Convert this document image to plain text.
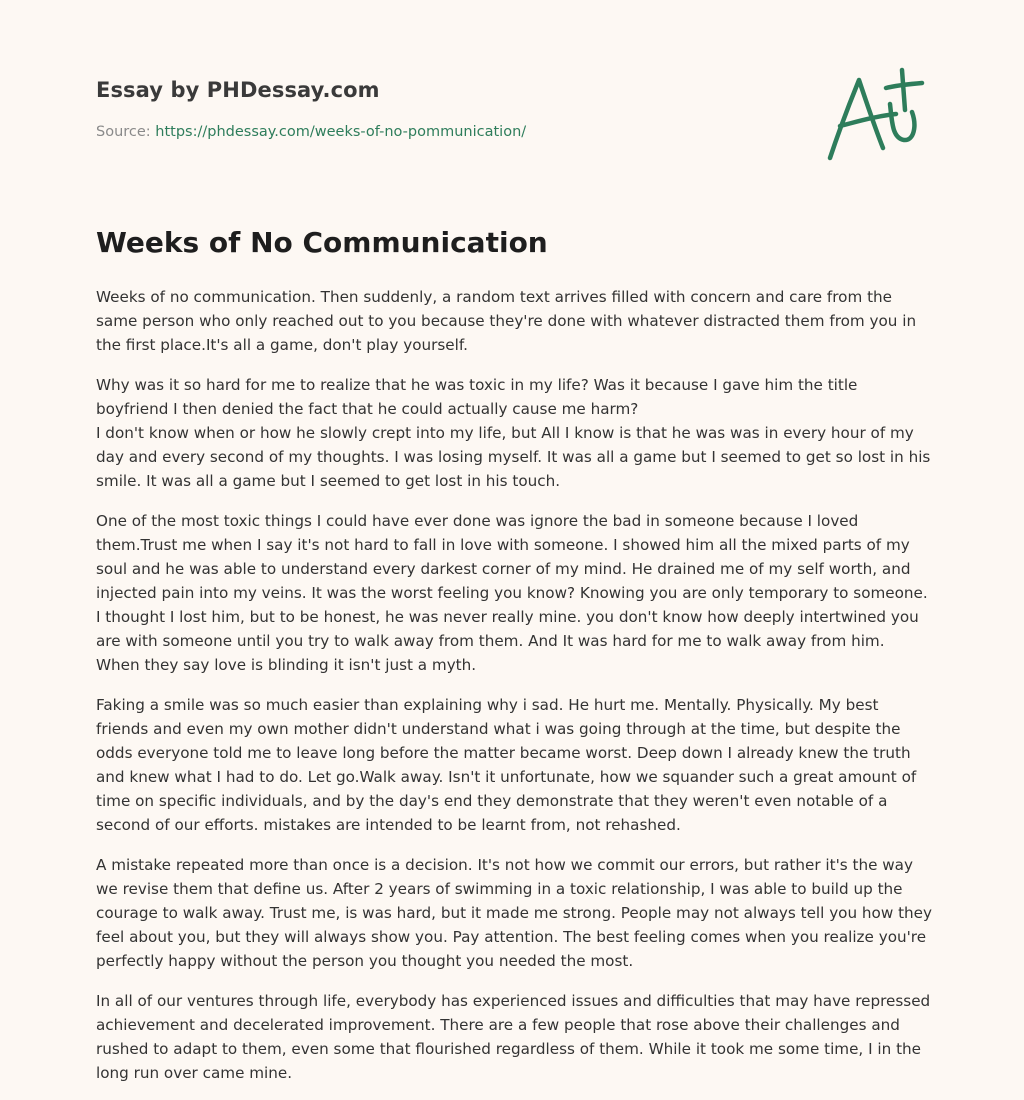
Essay by PHDessay.com
Source: https://phdessay.com/weeks-of-no-pommunication/
Weeks of No Communication

Weeks of no communication. Then suddenly, a random text arrives filled with concern and care from the same person who only reached out to you because they're done with whatever distracted them from you in the first place.It's all a game, don't play yourself.

Why was it so hard for me to realize that he was toxic in my life? Was it because I gave him the title boyfriend I then denied the fact that he could actually cause me harm?
I don't know when or how he slowly crept into my life, but All I know is that he was was in every hour of my day and every second of my thoughts. I was losing myself. It was all a game but I seemed to get so lost in his smile. It was all a game but I seemed to get lost in his touch.

One of the most toxic things I could have ever done was ignore the bad in someone because I loved them.Trust me when I say it's not hard to fall in love with someone. I showed him all the mixed parts of my soul and he was able to understand every darkest corner of my mind. He drained me of my self worth, and injected pain into my veins. It was the worst feeling you know? Knowing you are only temporary to someone. I thought I lost him, but to be honest, he was never really mine. you don't know how deeply intertwined you are with someone until you try to walk away from them. And It was hard for me to walk away from him.
When they say love is blinding it isn't just a myth.

Faking a smile was so much easier than explaining why i sad. He hurt me. Mentally. Physically. My best friends and even my own mother didn't understand what i was going through at the time, but despite the odds everyone told me to leave long before the matter became worst. Deep down I already knew the truth and knew what I had to do. Let go.Walk away. Isn't it unfortunate, how we squander such a great amount of time on specific individuals, and by the day's end they demonstrate that they weren't even notable of a second of our efforts. mistakes are intended to be learnt from, not rehashed.

A mistake repeated more than once is a decision. It's not how we commit our errors, but rather it's the way we revise them that define us. After 2 years of swimming in a toxic relationship, I was able to build up the courage to walk away. Trust me, is was hard, but it made me strong. People may not always tell you how they feel about you, but they will always show you. Pay attention. The best feeling comes when you realize you're perfectly happy without the person you thought you needed the most.

In all of our ventures through life, everybody has experienced issues and difficulties that may have repressed achievement and decelerated improvement. There are a few people that rose above their challenges and rushed to adapt to them, even some that flourished regardless of them. While it took me some time, I in the long run over came mine.
